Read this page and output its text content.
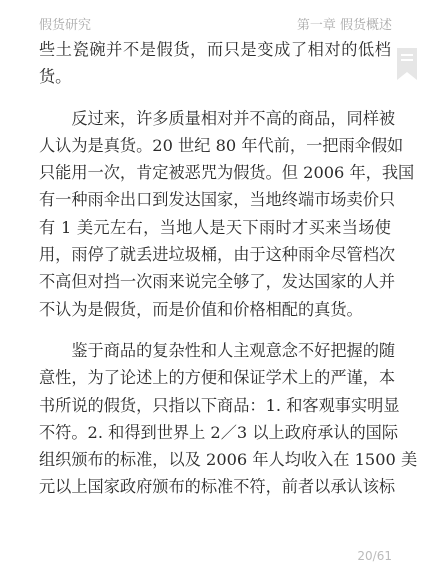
假货研究	第一章 假货概述
些土瓷碗并不是假货，而只是变成了相对的低档
货。
　　反过来，许多质量相对并不高的商品，同样被
人认为是真货。20 世纪 80 年代前，一把雨伞假如
只能用一次，肯定被恶咒为假货。但 2006 年，我国
有一种雨伞出口到发达国家，当地终端市场卖价只
有 1 美元左右，当地人是天下雨时才买来当场使
用，雨停了就丢进垃圾桶，由于这种雨伞尽管档次
不高但对挡一次雨来说完全够了，发达国家的人并
不认为是假货，而是价值和价格相配的真货。
　　鉴于商品的复杂性和人主观意念不好把握的随
意性，为了论述上的方便和保证学术上的严谨，本
书所说的假货，只指以下商品：1. 和客观事实明显
不符。2. 和得到世界上 2／3 以上政府承认的国际
组织颁布的标准，以及 2006 年人均收入在 1500 美
元以上国家政府颁布的标准不符，前者以承认该标
20/61
